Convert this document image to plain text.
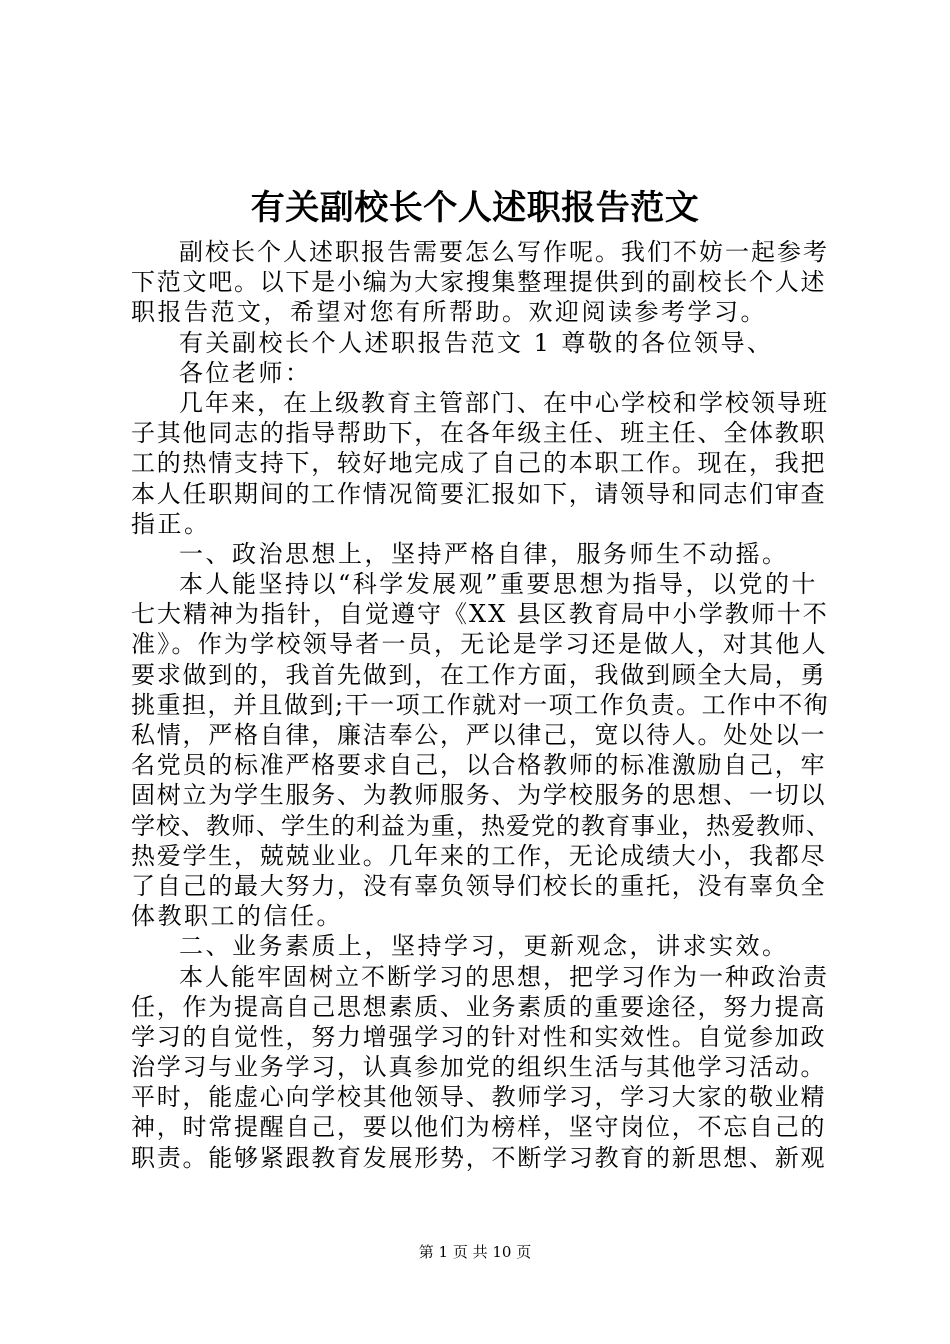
有关副校长个人述职报告范文
副校长个人述职报告需要怎么写作呢。我们不妨一起参考
下范文吧。以下是小编为大家搜集整理提供到的副校长个人述
职报告范文，希望对您有所帮助。欢迎阅读参考学习。
有关副校长个人述职报告范文 1 尊敬的各位领导、
各位老师：
几年来，在上级教育主管部门、在中心学校和学校领导班
子其他同志的指导帮助下，在各年级主任、班主任、全体教职
工的热情支持下，较好地完成了自己的本职工作。现在，我把
本人任职期间的工作情况简要汇报如下，请领导和同志们审查
指正。
一、政治思想上，坚持严格自律，服务师生不动摇。
本人能坚持以“科学发展观”重要思想为指导，以党的十
七大精神为指针，自觉遵守《XX 县区教育局中小学教师十不
准》。作为学校领导者一员，无论是学习还是做人，对其他人
要求做到的，我首先做到，在工作方面，我做到顾全大局，勇
挑重担，并且做到;干一项工作就对一项工作负责。工作中不徇
私情，严格自律，廉洁奉公，严以律己，宽以待人。处处以一
名党员的标准严格要求自己，以合格教师的标准激励自己，牢
固树立为学生服务、为教师服务、为学校服务的思想、一切以
学校、教师、学生的利益为重，热爱党的教育事业，热爱教师、
热爱学生，兢兢业业。几年来的工作，无论成绩大小，我都尽
了自己的最大努力，没有辜负领导们校长的重托，没有辜负全
体教职工的信任。
二、业务素质上，坚持学习，更新观念，讲求实效。
本人能牢固树立不断学习的思想，把学习作为一种政治责
任，作为提高自己思想素质、业务素质的重要途径，努力提高
学习的自觉性，努力增强学习的针对性和实效性。自觉参加政
治学习与业务学习，认真参加党的组织生活与其他学习活动。
平时，能虚心向学校其他领导、教师学习，学习大家的敬业精
神，时常提醒自己，要以他们为榜样，坚守岗位，不忘自己的
职责。能够紧跟教育发展形势，不断学习教育的新思想、新观
第 1 页 共 10 页
